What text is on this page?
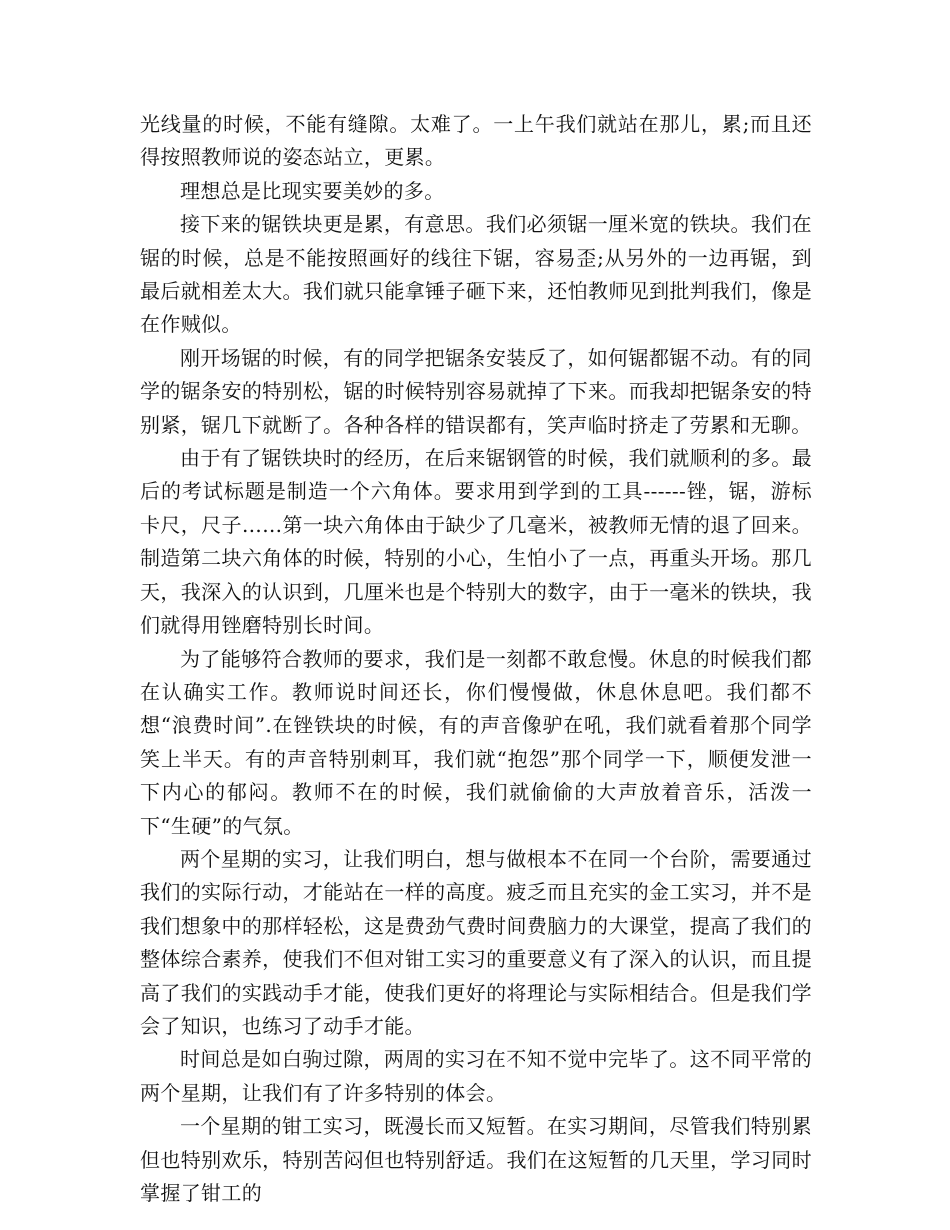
光线量的时候，不能有缝隙。太难了。一上午我们就站在那儿，累;而且还得按照教师说的姿态站立，更累。

理想总是比现实要美妙的多。

接下来的锯铁块更是累，有意思。我们必须锯一厘米宽的铁块。我们在锯的时候，总是不能按照画好的线往下锯，容易歪;从另外的一边再锯，到最后就相差太大。我们就只能拿锤子砸下来，还怕教师见到批判我们，像是在作贼似。

刚开场锯的时候，有的同学把锯条安装反了，如何锯都锯不动。有的同学的锯条安的特别松，锯的时候特别容易就掉了下来。而我却把锯条安的特别紧，锯几下就断了。各种各样的错误都有，笑声临时挤走了劳累和无聊。

由于有了锯铁块时的经历，在后来锯钢管的时候，我们就顺利的多。最后的考试标题是制造一个六角体。要求用到学到的工具------锉，锯，游标卡尺，尺子……第一块六角体由于缺少了几毫米，被教师无情的退了回来。制造第二块六角体的时候，特别的小心，生怕小了一点，再重头开场。那几天，我深入的认识到，几厘米也是个特别大的数字，由于一毫米的铁块，我们就得用锉磨特别长时间。

为了能够符合教师的要求，我们是一刻都不敢怠慢。休息的时候我们都在认确实工作。教师说时间还长，你们慢慢做，休息休息吧。我们都不想“浪费时间”.在锉铁块的时候，有的声音像驴在吼，我们就看着那个同学笑上半天。有的声音特别刺耳，我们就“抱怨”那个同学一下，顺便发泄一下内心的郁闷。教师不在的时候，我们就偷偷的大声放着音乐，活泼一下“生硬”的气氛。

两个星期的实习，让我们明白，想与做根本不在同一个台阶，需要通过我们的实际行动，才能站在一样的高度。疲乏而且充实的金工实习，并不是我们想象中的那样轻松，这是费劲气费时间费脑力的大课堂，提高了我们的整体综合素养，使我们不但对钳工实习的重要意义有了深入的认识，而且提高了我们的实践动手才能，使我们更好的将理论与实际相结合。但是我们学会了知识，也练习了动手才能。

时间总是如白驹过隙，两周的实习在不知不觉中完毕了。这不同平常的两个星期，让我们有了许多特别的体会。

一个星期的钳工实习，既漫长而又短暂。在实习期间，尽管我们特别累但也特别欢乐，特别苦闷但也特别舒适。我们在这短暂的几天里，学习同时掌握了钳工的
